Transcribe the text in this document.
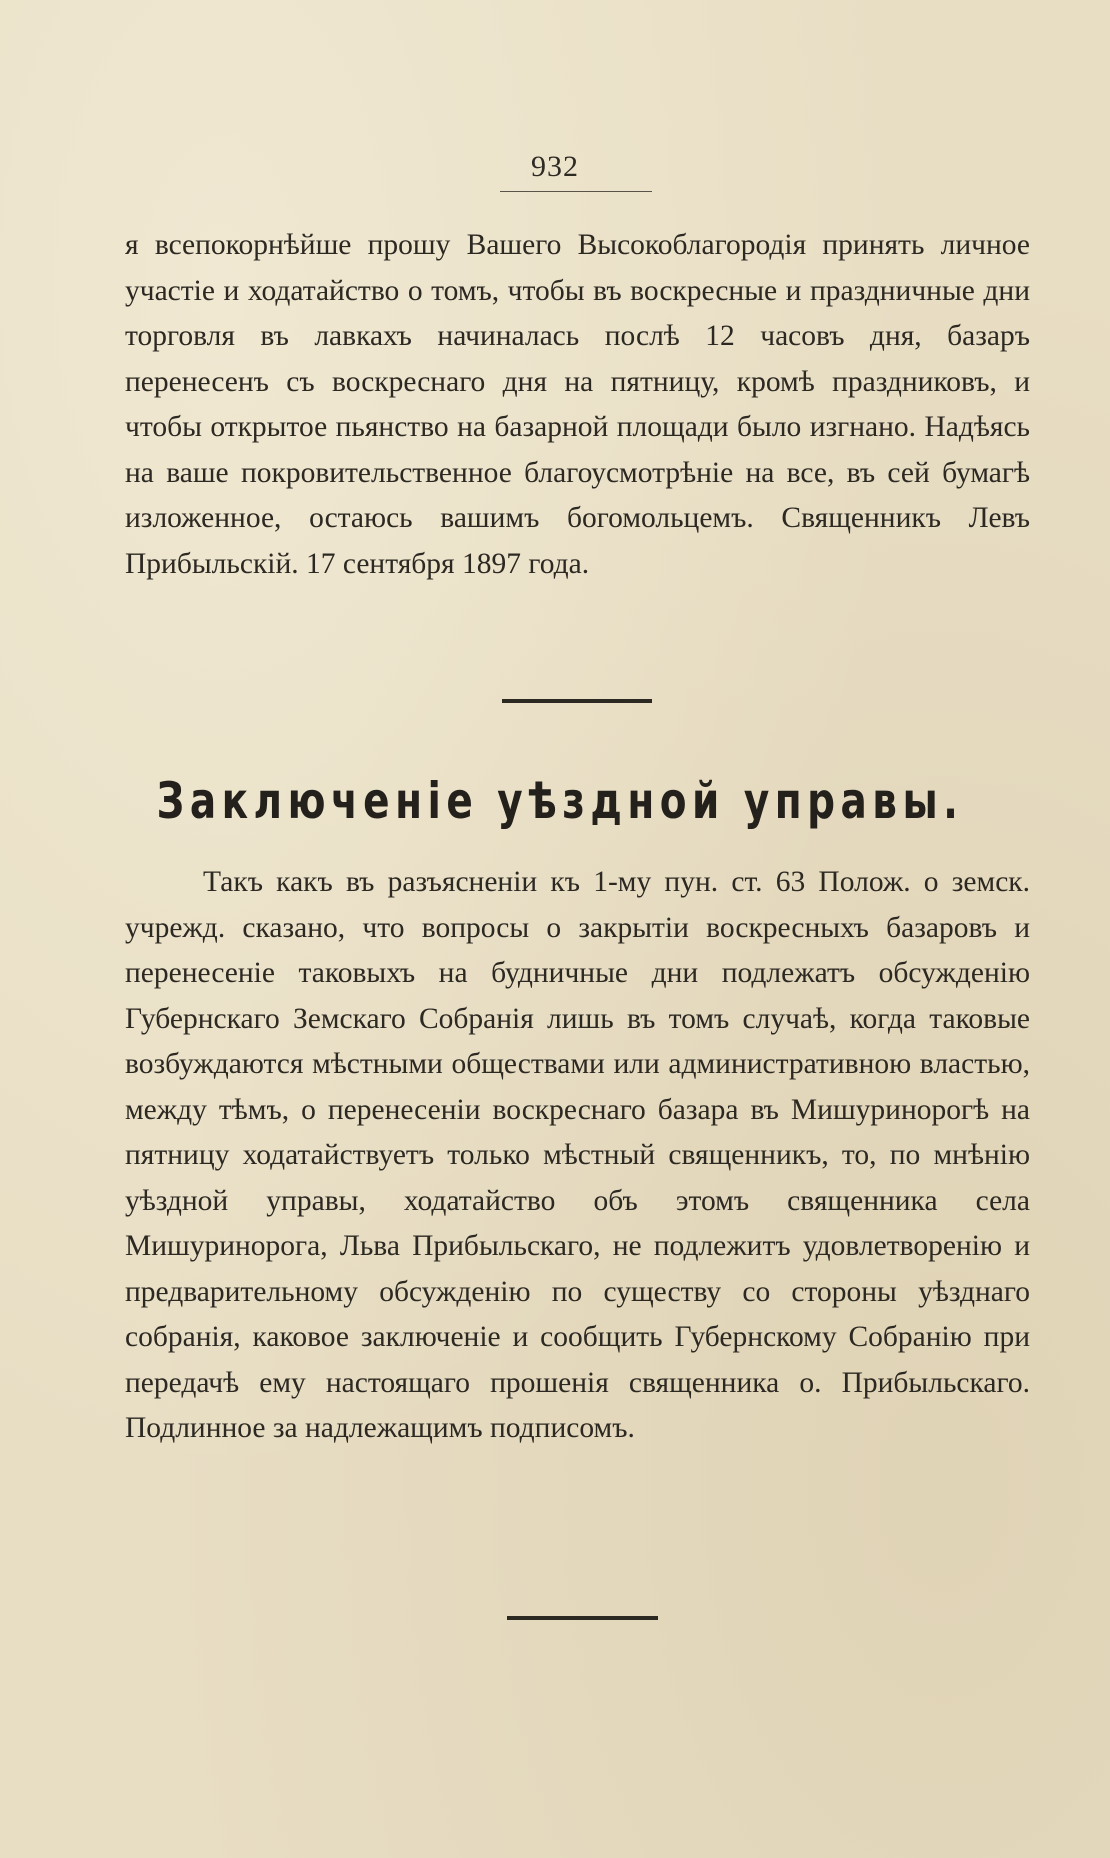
932

я всепокорнѣйше прошу Вашего Высокоблагородія принять личное участіе и ходатайство о томъ, чтобы въ воскресные и праздничные дни торговля въ лавкахъ начиналась послѣ 12 часовъ дня, базаръ перенесенъ съ воскреснаго дня на пятницу, кромѣ праздниковъ, и чтобы открытое пьянство на базарной площади было изгнано. Надѣясь на ваше покровительственное благоусмотрѣніе на все, въ сей бумагѣ изложенное, остаюсь вашимъ богомольцемъ. Священникъ Левъ Прибыльскій. 17 сентября 1897 года.

Заключеніе уѣздной управы.

Такъ какъ въ разъясненіи къ 1-му пун. ст. 63 Полож. о земск. учрежд. сказано, что вопросы о закрытіи воскресныхъ базаровъ и перенесеніе таковыхъ на будничные дни подлежатъ обсужденію Губернскаго Земскаго Собранія лишь въ томъ случаѣ, когда таковые возбуждаются мѣстными обществами или административною властью, между тѣмъ, о перенесеніи воскреснаго базара въ Мишуринорогѣ на пятницу ходатайствуетъ только мѣстный священникъ, то, по мнѣнію уѣздной управы, ходатайство объ этомъ священника села Мишуринорога, Льва Прибыльскаго, не подлежитъ удовлетворенію и предварительному обсужденію по существу со стороны уѣзднаго собранія, каковое заключеніе и сообщить Губернскому Собранію при передачѣ ему настоящаго прошенія священника о. Прибыльскаго. Подлинное за надлежащимъ подписомъ.
